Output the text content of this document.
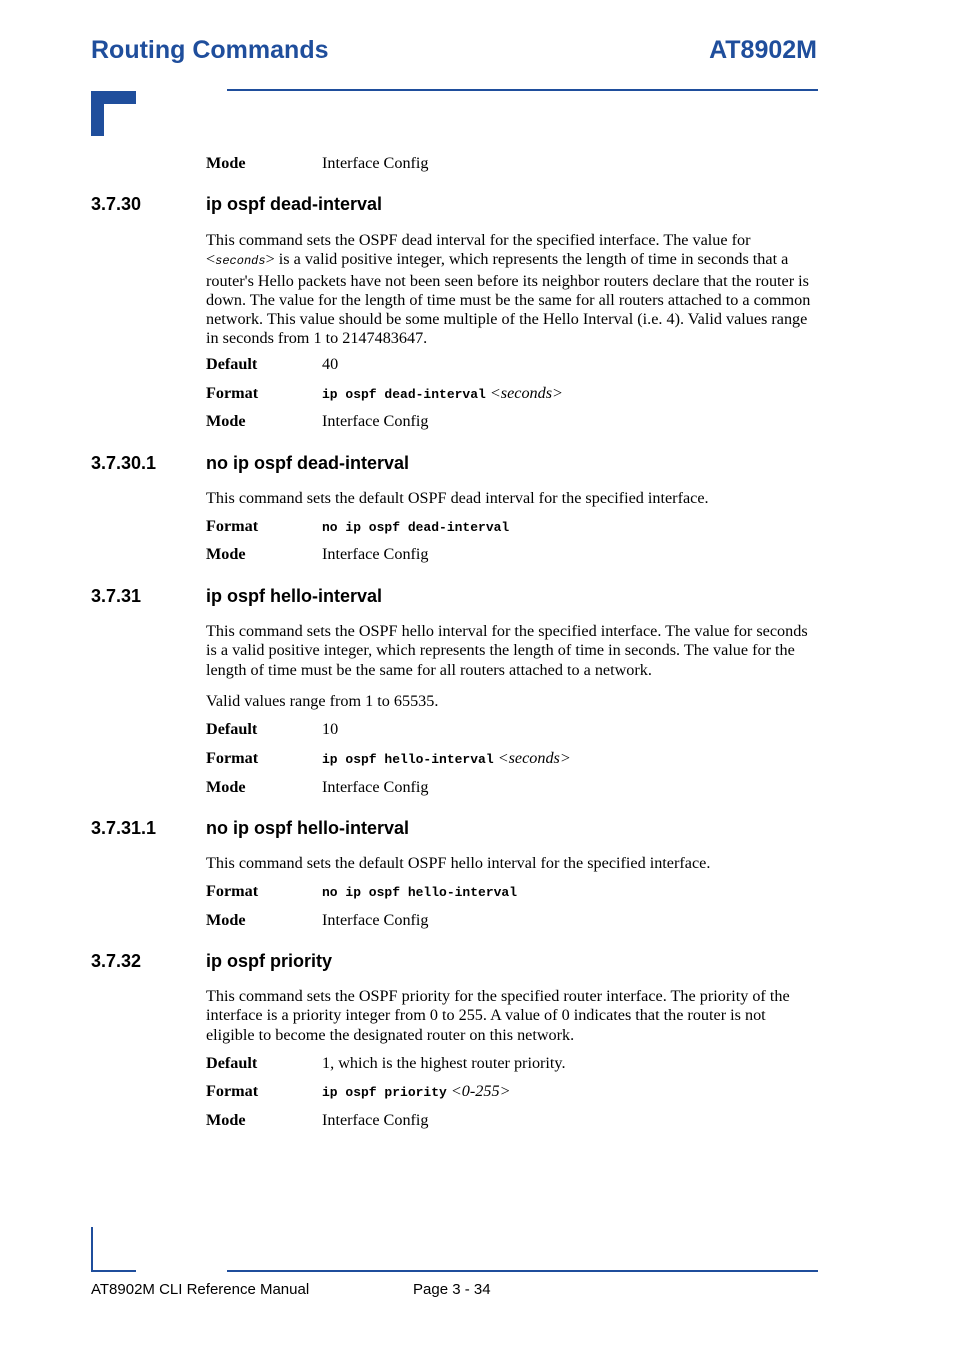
Routing Commands	AT8902M
Mode	Interface Config
3.7.30	ip ospf dead-interval

This command sets the OSPF dead interval for the specified interface. The value for <seconds> is a valid positive integer, which represents the length of time in seconds that a router's Hello packets have not been seen before its neighbor routers declare that the router is down. The value for the length of time must be the same for all routers attached to a common network. This value should be some multiple of the Hello Interval (i.e. 4). Valid values range in seconds from 1 to 2147483647.

Default	40
Format	ip ospf dead-interval <seconds>
Mode	Interface Config
3.7.30.1	no ip ospf dead-interval

This command sets the default OSPF dead interval for the specified interface.

Format	no ip ospf dead-interval
Mode	Interface Config
3.7.31	ip ospf hello-interval

This command sets the OSPF hello interval for the specified interface. The value for seconds is a valid positive integer, which represents the length of time in seconds. The value for the length of time must be the same for all routers attached to a network.

Valid values range from 1 to 65535.

Default	10
Format	ip ospf hello-interval <seconds>
Mode	Interface Config
3.7.31.1	no ip ospf hello-interval

This command sets the default OSPF hello interval for the specified interface.

Format	no ip ospf hello-interval
Mode	Interface Config
3.7.32	ip ospf priority

This command sets the OSPF priority for the specified router interface. The priority of the interface is a priority integer from 0 to 255. A value of 0 indicates that the router is not eligible to become the designated router on this network.

Default	1, which is the highest router priority.
Format	ip ospf priority <0-255>
Mode	Interface Config
AT8902M CLI Reference Manual	Page 3 - 34
